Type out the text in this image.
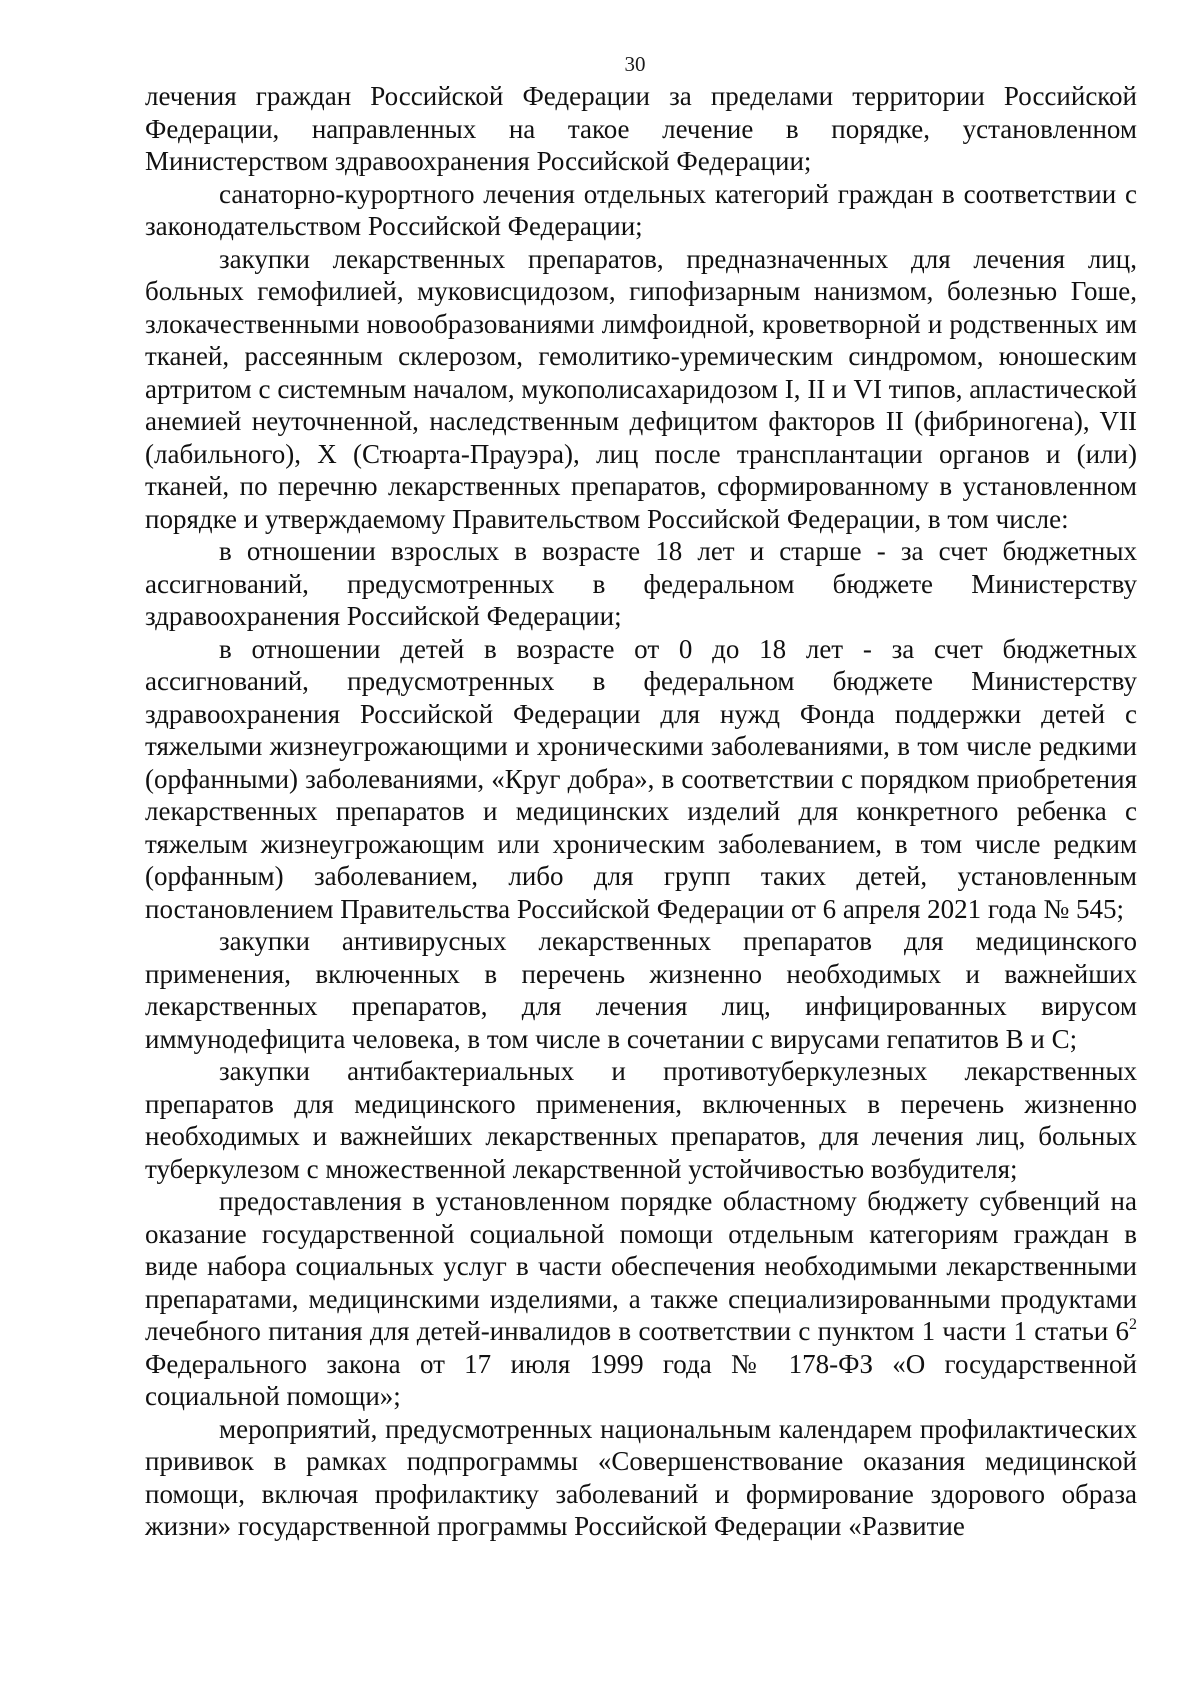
30

лечения граждан Российской Федерации за пределами территории Российской Федерации, направленных на такое лечение в порядке, установленном Министерством здравоохранения Российской Федерации;

санаторно-курортного лечения отдельных категорий граждан в соответствии с законодательством Российской Федерации;

закупки лекарственных препаратов, предназначенных для лечения лиц, больных гемофилией, муковисцидозом, гипофизарным нанизмом, болезнью Гоше, злокачественными новообразованиями лимфоидной, кроветворной и родственных им тканей, рассеянным склерозом, гемолитико-уремическим синдромом, юношеским артритом с системным началом, мукополисахаридозом I, II и VI типов, апластической анемией неуточненной, наследственным дефицитом факторов II (фибриногена), VII (лабильного), X (Стюарта-Прауэра), лиц после трансплантации органов и (или) тканей, по перечню лекарственных препаратов, сформированному в установленном порядке и утверждаемому Правительством Российской Федерации, в том числе:

в отношении взрослых в возрасте 18 лет и старше - за счет бюджетных ассигнований, предусмотренных в федеральном бюджете Министерству здравоохранения Российской Федерации;

в отношении детей в возрасте от 0 до 18 лет - за счет бюджетных ассигнований, предусмотренных в федеральном бюджете Министерству здравоохранения Российской Федерации для нужд Фонда поддержки детей с тяжелыми жизнеугрожающими и хроническими заболеваниями, в том числе редкими (орфанными) заболеваниями, «Круг добра», в соответствии с порядком приобретения лекарственных препаратов и медицинских изделий для конкретного ребенка с тяжелым жизнеугрожающим или хроническим заболеванием, в том числе редким (орфанным) заболеванием, либо для групп таких детей, установленным постановлением Правительства Российской Федерации от 6 апреля 2021 года № 545;

закупки антивирусных лекарственных препаратов для медицинского применения, включенных в перечень жизненно необходимых и важнейших лекарственных препаратов, для лечения лиц, инфицированных вирусом иммунодефицита человека, в том числе в сочетании с вирусами гепатитов B и C;

закупки антибактериальных и противотуберкулезных лекарственных препаратов для медицинского применения, включенных в перечень жизненно необходимых и важнейших лекарственных препаратов, для лечения лиц, больных туберкулезом с множественной лекарственной устойчивостью возбудителя;

предоставления в установленном порядке областному бюджету субвенций на оказание государственной социальной помощи отдельным категориям граждан в виде набора социальных услуг в части обеспечения необходимыми лекарственными препаратами, медицинскими изделиями, а также специализированными продуктами лечебного питания для детей-инвалидов в соответствии с пунктом 1 части 1 статьи $6^2$ Федерального закона от 17 июля 1999 года № 178-ФЗ «О государственной социальной помощи»;

мероприятий, предусмотренных национальным календарем профилактических прививок в рамках подпрограммы «Совершенствование оказания медицинской помощи, включая профилактику заболеваний и формирование здорового образа жизни» государственной программы Российской Федерации «Развитие
